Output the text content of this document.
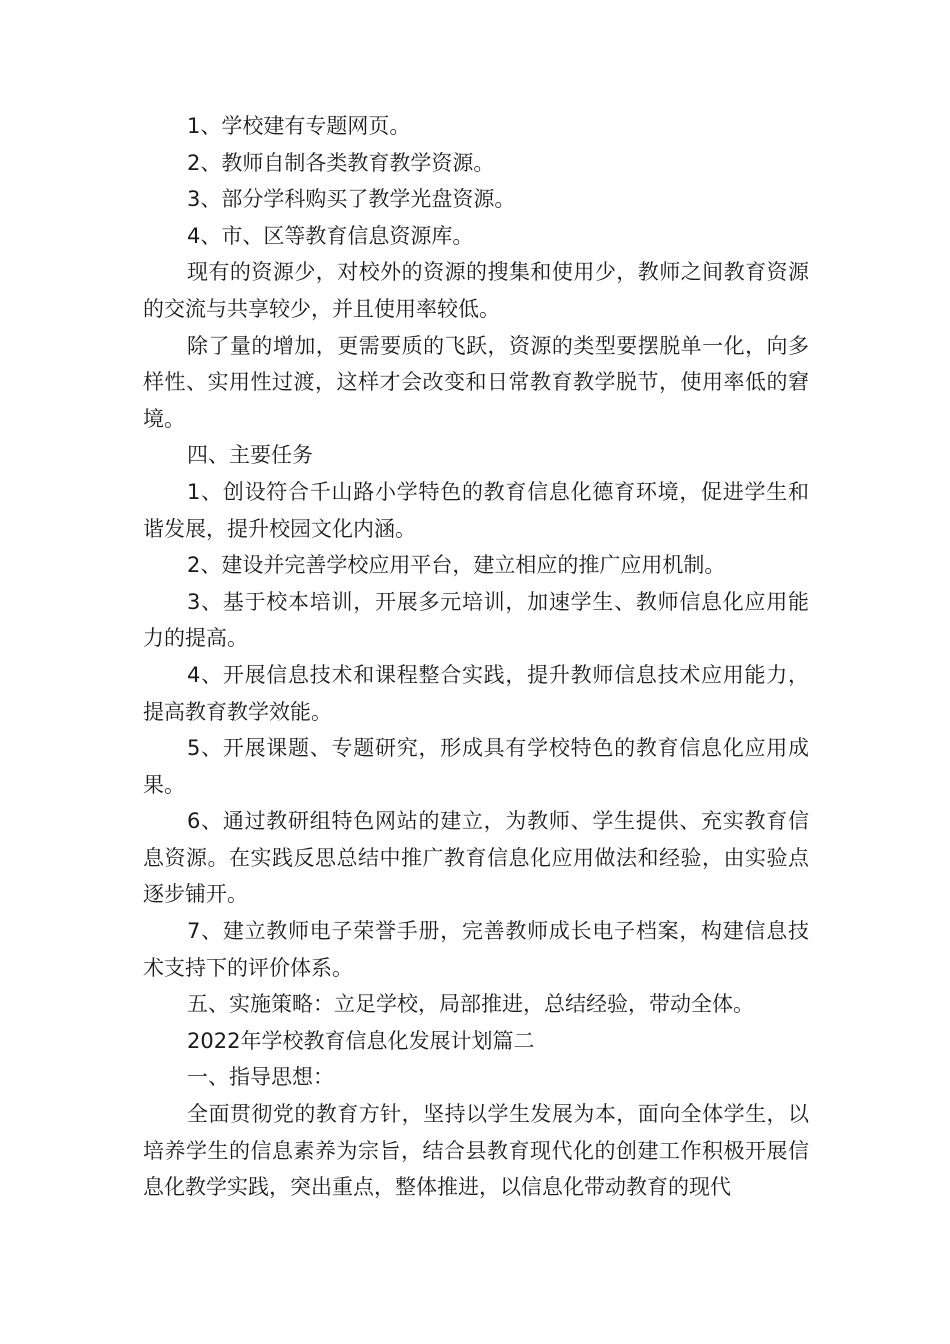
1、学校建有专题网页。

2、教师自制各类教育教学资源。

3、部分学科购买了教学光盘资源。

4、市、区等教育信息资源库。

现有的资源少，对校外的资源的搜集和使用少，教师之间教育资源的交流与共享较少，并且使用率较低。

除了量的增加，更需要质的飞跃，资源的类型要摆脱单一化，向多样性、实用性过渡，这样才会改变和日常教育教学脱节，使用率低的窘境。

四、主要任务

1、创设符合千山路小学特色的教育信息化德育环境，促进学生和谐发展，提升校园文化内涵。

2、建设并完善学校应用平台，建立相应的推广应用机制。

3、基于校本培训，开展多元培训，加速学生、教师信息化应用能力的提高。

4、开展信息技术和课程整合实践，提升教师信息技术应用能力，提高教育教学效能。

5、开展课题、专题研究，形成具有学校特色的教育信息化应用成果。

6、通过教研组特色网站的建立，为教师、学生提供、充实教育信息资源。在实践反思总结中推广教育信息化应用做法和经验，由实验点逐步铺开。

7、建立教师电子荣誉手册，完善教师成长电子档案，构建信息技术支持下的评价体系。

五、实施策略：立足学校，局部推进，总结经验，带动全体。

2022年学校教育信息化发展计划篇二

一、指导思想：

全面贯彻党的教育方针，坚持以学生发展为本，面向全体学生，以培养学生的信息素养为宗旨，结合县教育现代化的创建工作积极开展信息化教学实践，突出重点，整体推进，以信息化带动教育的现代
